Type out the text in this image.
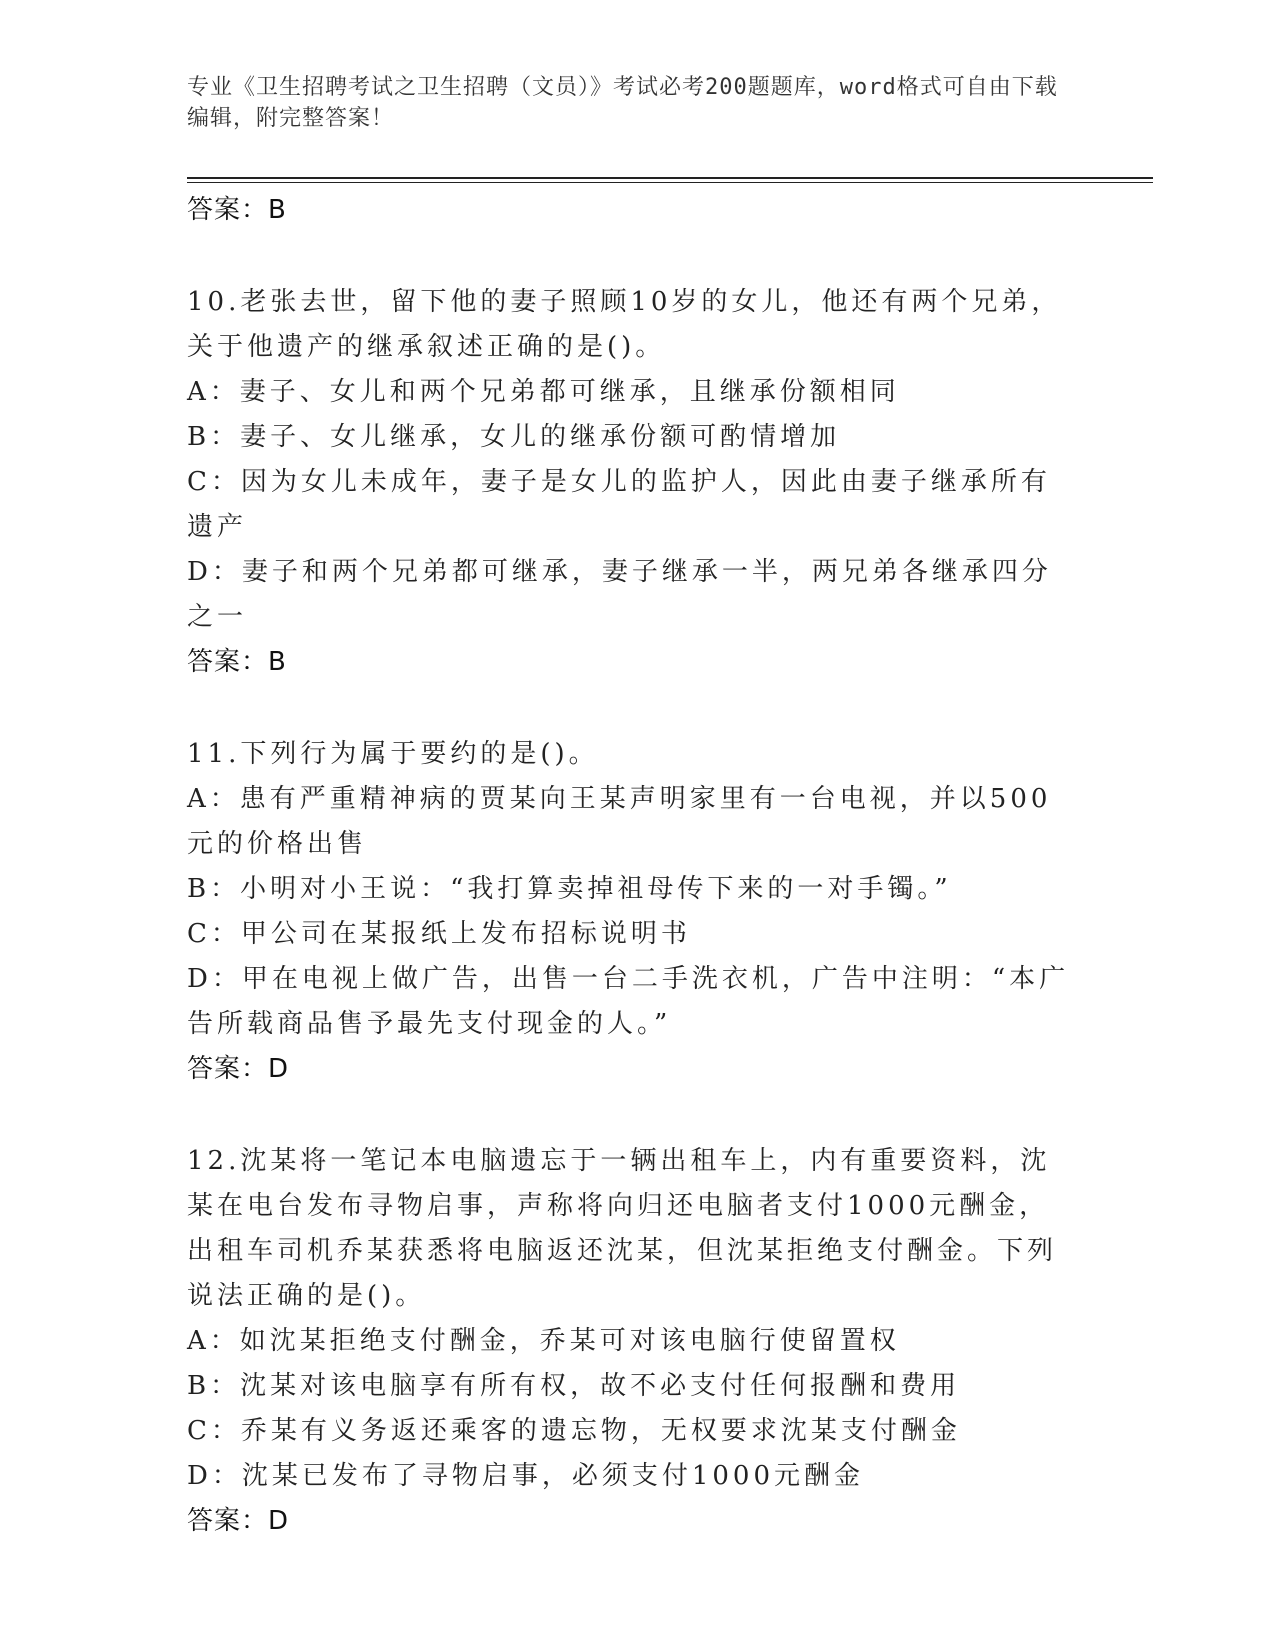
专业《卫生招聘考试之卫生招聘（文员）》考试必考200题题库，word格式可自由下载编辑，附完整答案！
答案：B
10.老张去世，留下他的妻子照顾10岁的女儿，他还有两个兄弟，关于他遗产的继承叙述正确的是()。
A：妻子、女儿和两个兄弟都可继承，且继承份额相同
B：妻子、女儿继承，女儿的继承份额可酌情增加
C：因为女儿未成年，妻子是女儿的监护人，因此由妻子继承所有遗产
D：妻子和两个兄弟都可继承，妻子继承一半，两兄弟各继承四分之一
答案：B
11.下列行为属于要约的是()。
A：患有严重精神病的贾某向王某声明家里有一台电视，并以500元的价格出售
B：小明对小王说：“我打算卖掉祖母传下来的一对手镯。”
C：甲公司在某报纸上发布招标说明书
D：甲在电视上做广告，出售一台二手洗衣机，广告中注明：“本广告所载商品售予最先支付现金的人。”
答案：D
12.沈某将一笔记本电脑遗忘于一辆出租车上，内有重要资料，沈某在电台发布寻物启事，声称将向归还电脑者支付1000元酬金，出租车司机乔某获悉将电脑返还沈某，但沈某拒绝支付酬金。下列说法正确的是()。
A：如沈某拒绝支付酬金，乔某可对该电脑行使留置权
B：沈某对该电脑享有所有权，故不必支付任何报酬和费用
C：乔某有义务返还乘客的遗忘物，无权要求沈某支付酬金
D：沈某已发布了寻物启事，必须支付1000元酬金
答案：D
